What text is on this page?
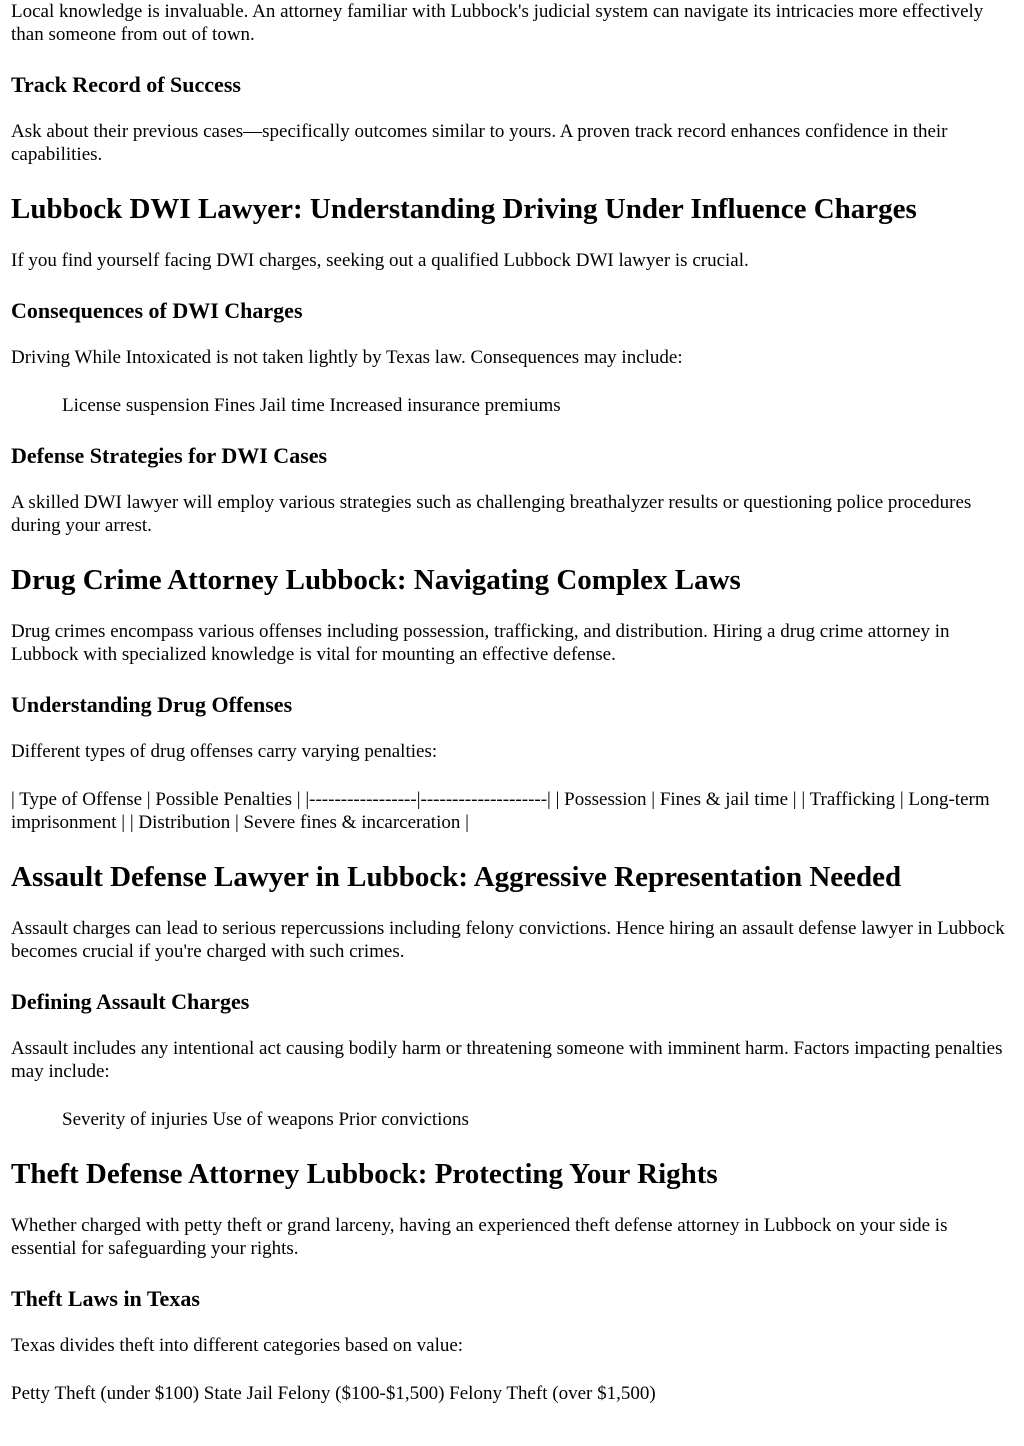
Local knowledge is invaluable. An attorney familiar with Lubbock's judicial system can navigate its intricacies more effectively than someone from out of town.

Track Record of Success

Ask about their previous cases—specifically outcomes similar to yours. A proven track record enhances confidence in their capabilities.

Lubbock DWI Lawyer: Understanding Driving Under Influence Charges

If you find yourself facing DWI charges, seeking out a qualified Lubbock DWI lawyer is crucial.

Consequences of DWI Charges

Driving While Intoxicated is not taken lightly by Texas law. Consequences may include:

License suspension Fines Jail time Increased insurance premiums

Defense Strategies for DWI Cases

A skilled DWI lawyer will employ various strategies such as challenging breathalyzer results or questioning police procedures during your arrest.

Drug Crime Attorney Lubbock: Navigating Complex Laws

Drug crimes encompass various offenses including possession, trafficking, and distribution. Hiring a drug crime attorney in Lubbock with specialized knowledge is vital for mounting an effective defense.

Understanding Drug Offenses

Different types of drug offenses carry varying penalties:

| Type of Offense | Possible Penalties | |-----------------|--------------------| | Possession | Fines & jail time | | Trafficking | Long-term imprisonment | | Distribution | Severe fines & incarceration |

Assault Defense Lawyer in Lubbock: Aggressive Representation Needed

Assault charges can lead to serious repercussions including felony convictions. Hence hiring an assault defense lawyer in Lubbock becomes crucial if you're charged with such crimes.

Defining Assault Charges

Assault includes any intentional act causing bodily harm or threatening someone with imminent harm. Factors impacting penalties may include:

Severity of injuries Use of weapons Prior convictions

Theft Defense Attorney Lubbock: Protecting Your Rights

Whether charged with petty theft or grand larceny, having an experienced theft defense attorney in Lubbock on your side is essential for safeguarding your rights.

Theft Laws in Texas

Texas divides theft into different categories based on value:

Petty Theft (under $100) State Jail Felony ($100-$1,500) Felony Theft (over $1,500)
